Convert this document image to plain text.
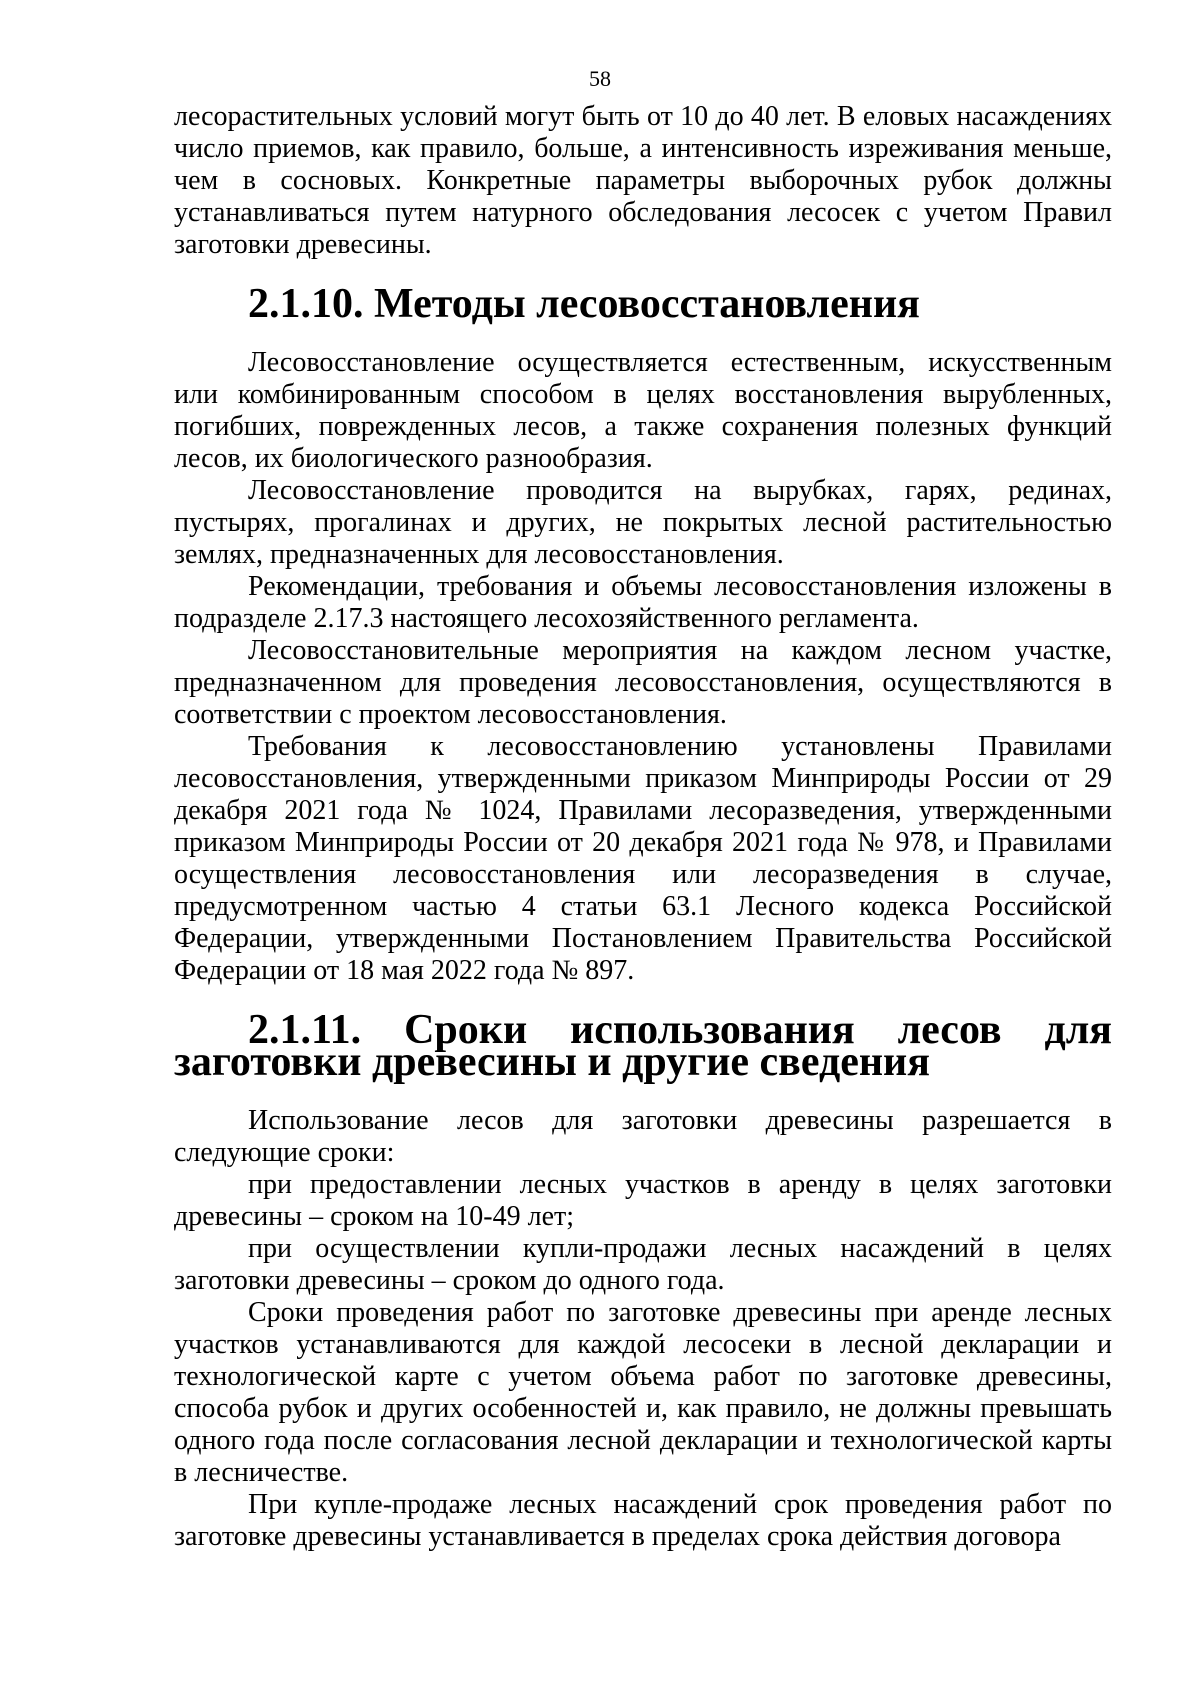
58

лесорастительных условий могут быть от 10 до 40 лет. В еловых насаждениях число приемов, как правило, больше, а интенсивность изреживания меньше, чем в сосновых. Конкретные параметры выборочных рубок должны устанавливаться путем натурного обследования лесосек с учетом Правил заготовки древесины.

2.1.10. Методы лесовосстановления

Лесовосстановление осуществляется естественным, искусственным или комбинированным способом в целях восстановления вырубленных, погибших, поврежденных лесов, а также сохранения полезных функций лесов, их биологического разнообразия.

Лесовосстановление проводится на вырубках, гарях, рединах, пустырях, прогалинах и других, не покрытых лесной растительностью землях, предназначенных для лесовосстановления.

Рекомендации, требования и объемы лесовосстановления изложены в подразделе 2.17.3 настоящего лесохозяйственного регламента.

Лесовосстановительные мероприятия на каждом лесном участке, предназначенном для проведения лесовосстановления, осуществляются в соответствии с проектом лесовосстановления.

Требования к лесовосстановлению установлены Правилами лесовосстановления, утвержденными приказом Минприроды России от 29 декабря 2021 года № 1024, Правилами лесоразведения, утвержденными приказом Минприроды России от 20 декабря 2021 года № 978, и Правилами осуществления лесовосстановления или лесоразведения в случае, предусмотренном частью 4 статьи 63.1 Лесного кодекса Российской Федерации, утвержденными Постановлением Правительства Российской Федерации от 18 мая 2022 года № 897.

2.1.11. Сроки использования лесов для заготовки древесины и другие сведения

Использование лесов для заготовки древесины разрешается в следующие сроки:

при предоставлении лесных участков в аренду в целях заготовки древесины – сроком на 10-49 лет;

при осуществлении купли-продажи лесных насаждений в целях заготовки древесины – сроком до одного года.

Сроки проведения работ по заготовке древесины при аренде лесных участков устанавливаются для каждой лесосеки в лесной декларации и технологической карте с учетом объема работ по заготовке древесины, способа рубок и других особенностей и, как правило, не должны превышать одного года после согласования лесной декларации и технологической карты в лесничестве.

При купле-продаже лесных насаждений срок проведения работ по заготовке древесины устанавливается в пределах срока действия договора
